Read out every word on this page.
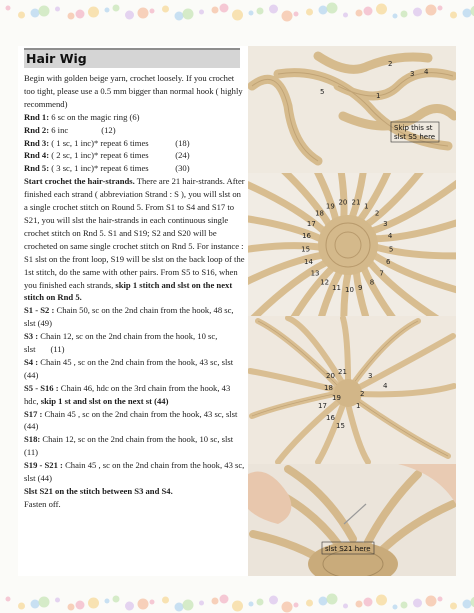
Hair Wig

Begin with golden beige yarn, crochet loosely. If you crochet too tight, please use a 0.5 mm bigger than normal hook ( highly recommend)

Rnd 1:
6 sc on the magic ring (6)
Rnd 2:
6 inc	(12)
Rnd 3:
( 1 sc, 1 inc)* repeat 6 times	(18)
Rnd 4:
( 2 sc, 1 inc)* repeat 6 times	(24)
Rnd 5:
( 3 sc, 1 inc)* repeat 6 times	(30)

Start crochet the hair-strands. There are 21 hair-strands. After finished each strand ( abbreviation Strand : S ), you will slst on a single crochet stitch on Round 5. From S1 to S4 and S17 to S21, you will slst the hair-strands in each continuous single crochet stitch on Rnd 5. S1 and S19; S2 and S20 will be crocheted on same single crochet stitch on Rnd 5. For instance : S1 slst on the front loop, S19 will be slst on the back loop of the 1st stitch, do the same with other pairs. From S5 to S16, when you finished each strands, skip 1 stitch and slst on the next stitch on Rnd 5.

S1 - S2 : Chain 50, sc on the 2nd chain from the hook, 48 sc, slst (49)

S3 : Chain 12, sc on the 2nd chain from the hook, 10 sc, slst (11)

S4 : Chain 45 , sc on the 2nd chain from the hook, 43 sc, slst (44)

S5 - S16 : Chain 46, hdc on the 3rd chain from the hook, 43 hdc, skip 1 st and slst on the next st (44)

S17 : Chain 45 , sc on the 2nd chain from the hook, 43 sc, slst (44)

S18: Chain 12, sc on the 2nd chain from the hook, 10 sc, slst (11)

S19 - S21 : Chain 45 , sc on the 2nd chain from the hook, 43 sc, slst (44)

Slst S21 on the stitch between S3 and S4.

Fasten off.

2
3 4
1
5
Skip this st
slst S5 here
17
18
19 20 21 1
2
3
4
5
6
7
8
9
10
11
12
13
14
15
16
20 21	3
4
18
19	2
1
17
16
15
slst S21 here
